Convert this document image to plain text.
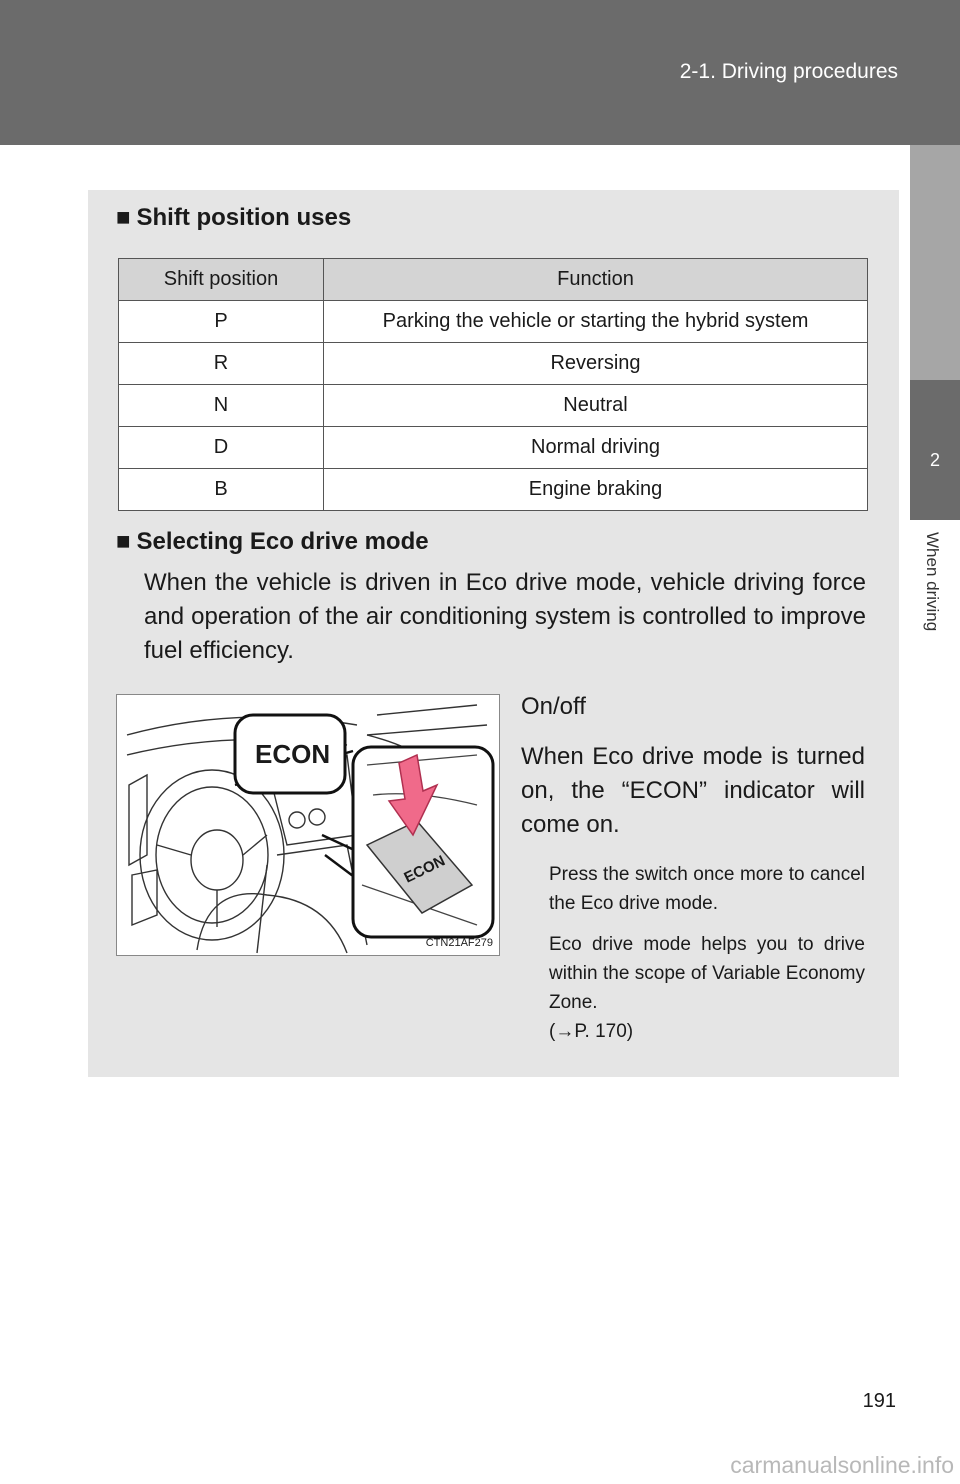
2-1. Driving procedures
2
When driving
■ Shift position uses
Shift position	Function
P	Parking the vehicle or starting the hybrid system
R	Reversing
N	Neutral
D	Normal driving
B	Engine braking
■ Selecting Eco drive mode
When the vehicle is driven in Eco drive mode, vehicle driving force and operation of the air conditioning system is controlled to improve fuel efficiency.
ECON
ECON
CTN21AF279
On/off
When Eco drive mode is turned on, the “ECON” indicator will come on.
Press the switch once more to cancel the Eco drive mode.
Eco drive mode helps you to drive within the scope of Variable Economy Zone.
(→P. 170)
191
carmanualsonline.info
